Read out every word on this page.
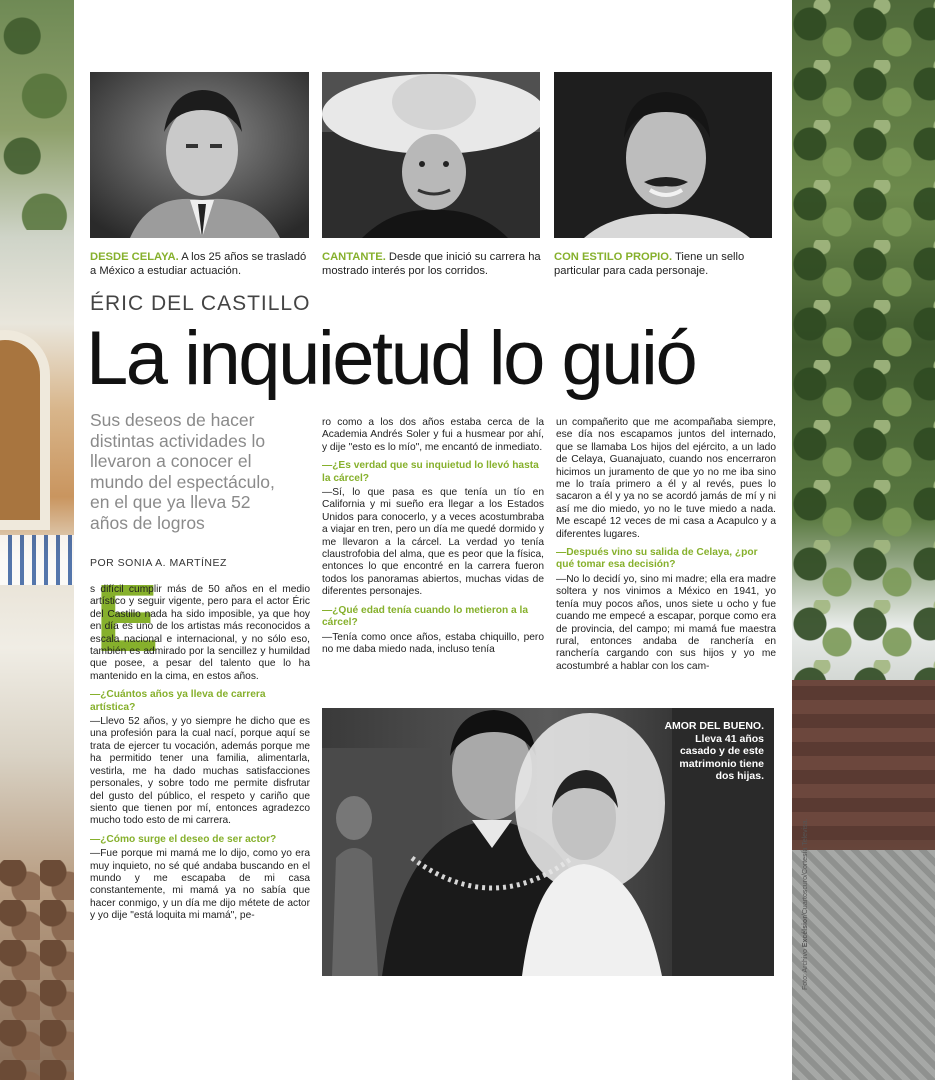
DESDE CELAYA. A los 25 años se trasladó a México a estudiar actuación.
CANTANTE. Desde que inició su carrera ha mostrado interés por los corridos.
CON ESTILO PROPIO. Tiene un sello particular para cada personaje.
ÉRIC DEL CASTILLO
La inquietud lo guió
Sus deseos de hacer distintas actividades lo llevaron a conocer el mundo del espectáculo, en el que ya lleva 52 años de logros
POR SONIA A. MARTÍNEZ
E

s difícil cumplir más de 50 años en el medio artístico y seguir vigente, pero para el actor Éric del Castillo nada ha sido imposible, ya que hoy en día es uno de los artistas más reconocidos a escala nacional e internacional, y no sólo eso, también es admirado por la sencillez y humildad que posee, a pesar del talento que lo ha mantenido en la cima, en estos años.

—¿Cuántos años ya lleva de carrera artística?

—Llevo 52 años, y yo siempre he dicho que es una profesión para la cual nací, porque aquí se trata de ejercer tu vocación, además porque me ha permitido tener una familia, alimentarla, vestirla, me ha dado muchas satisfacciones personales, y sobre todo me permite disfrutar del gusto del público, el respeto y cariño que siento que tienen por mí, entonces agradezco mucho todo esto de mi carrera.

—¿Cómo surge el deseo de ser actor?

—Fue porque mi mamá me lo dijo, como yo era muy inquieto, no sé qué andaba buscando en el mundo y me escapaba de mi casa constantemente, mi mamá ya no sabía que hacer conmigo, y un día me dijo métete de actor y yo dije "está loquita mi mamá", pe-

ro como a los dos años estaba cerca de la Academia Andrés Soler y fui a husmear por ahí, y dije "esto es lo mío", me encantó de inmediato.

—¿Es verdad que su inquietud lo llevó hasta la cárcel?

—Sí, lo que pasa es que tenía un tío en California y mi sueño era llegar a los Estados Unidos para conocerlo, y a veces acostumbraba a viajar en tren, pero un día me quedé dormido y me llevaron a la cárcel. La verdad yo tenía claustrofobia del alma, que es peor que la física, entonces lo que encontré en la carrera fueron todos los panoramas abiertos, muchas vidas de diferentes personajes.

—¿Qué edad tenía cuando lo metieron a la cárcel?

—Tenía como once años, estaba chiquillo, pero no me daba miedo nada, incluso tenía

un compañerito que me acompañaba siempre, ese día nos escapamos juntos del internado, que se llamaba Los hijos del ejército, a un lado de Celaya, Guanajuato, cuando nos encerraron hicimos un juramento de que yo no me iba sino me lo traía primero a él y al revés, pues lo sacaron a él y ya no se acordó jamás de mí y ni así me dio miedo, yo no le tuve miedo a nada. Me escapé 12 veces de mi casa a Acapulco y a diferentes lugares.

—Después vino su salida de Celaya, ¿por qué tomar esa decisión?

—No lo decidí yo, sino mi madre; ella era madre soltera y nos vinimos a México en 1941, yo tenía muy pocos años, unos siete u ocho y fue cuando me empecé a escapar, porque como era de provincia, del campo; mi mamá fue maestra rural, entonces andaba de ranchería en ranchería cargando con sus hijos y yo me acostumbré a hablar con los cam-

AMOR DEL BUENO. Lleva 41 años casado y de este matrimonio tiene dos hijas.
Foto: Archivo Excélsior/Cuartoscuro/Cortesía Televisa.
